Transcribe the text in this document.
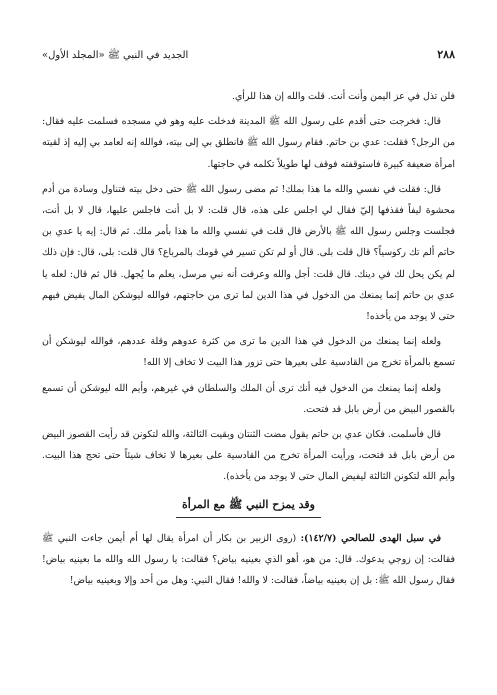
٢٨٨
الجديد في النبي ﷺ «المجلد الأول»

فلن تذل في عز اليمن وأنت أنت. قلت والله إن هذا للرأي.

قال: فخرجت حتى أقدم على رسول الله ﷺ المدينة فدخلت عليه وهو في مسجده فسلمت عليه فقال: من الرجل؟ فقلت: عدي بن حاتم. فقام رسول الله ﷺ فانطلق بي إلى بيته، فوالله إنه لعامد بي إليه إذ لقيته امرأة ضعيفة كبيرة فاستوقفته فوقف لها طويلاً تكلمه في حاجتها.

قال: فقلت في نفسي والله ما هذا بملك! ثم مضى رسول الله ﷺ حتى دخل بيته فتناول وسادة من أدم محشوة ليفاً فقذفها إليّ فقال لي اجلس على هذه، قال قلت: لا بل أنت فاجلس عليها، قال لا بل أنت، فجلست وجلس رسول الله ﷺ بالأرض قال قلت في نفسي والله ما هذا بأمر ملك. ثم قال: إيه يا عدي بن حاتم ألم تك ركوسياً؟ قال قلت بلى. قال أو لم تكن تسير في قومك بالمرباع؟ قال قلت: بلى، قال: فإن ذلك لم يكن يحل لك في دينك. قال قلت: أجل والله وعرفت أنه نبي مرسل، يعلم ما يُجهل. قال ثم قال: لعله يا عدي بن حاتم إنما يمنعك من الدخول في هذا الدين لما ترى من حاجتهم، فوالله ليوشكن المال يفيض فيهم حتى لا يوجد من يأخذه!

ولعله إنما يمنعك من الدخول في هذا الدين ما ترى من كثرة عدوهم وقلة عددهم، فوالله ليوشكن أن تسمع بالمرأة تخرج من القادسية على بعيرها حتى تزور هذا البيت لا تخاف إلا الله!

ولعله إنما يمنعك من الدخول فيه أنك ترى أن الملك والسلطان في غيرهم، وأيم الله ليوشكن أن تسمع بالقصور البيض من أرض بابل قد فتحت.

قال فأسلمت. فكان عدي بن حاتم يقول مضت الثنتان وبقيت الثالثة، والله لتكونن قد رأيت القصور البيض من أرض بابل قد فتحت، ورأيت المرأة تخرج من القادسية على بعيرها لا تخاف شيئاً حتى تحج هذا البيت. وأيم الله لتكونن الثالثة ليفيض المال حتى لا يوجد من يأخذه).

وقد يمزح النبي ﷺ مع المرأة

في سبل الهدى للصالحي (١٤٢/٧): (روى الزبير بن بكار أن امرأة يقال لها أم أيمن جاءت النبي ﷺ فقالت: إن زوجي يدعوك. قال: من هو، أهو الذي بعينيه بياض؟ فقالت: يا رسول الله والله ما بعينيه بياض! فقال رسول الله ﷺ: بل إن بعينيه بياضاً، فقالت: لا والله! فقال النبي: وهل من أحد وإلا وبعينيه بياض!
